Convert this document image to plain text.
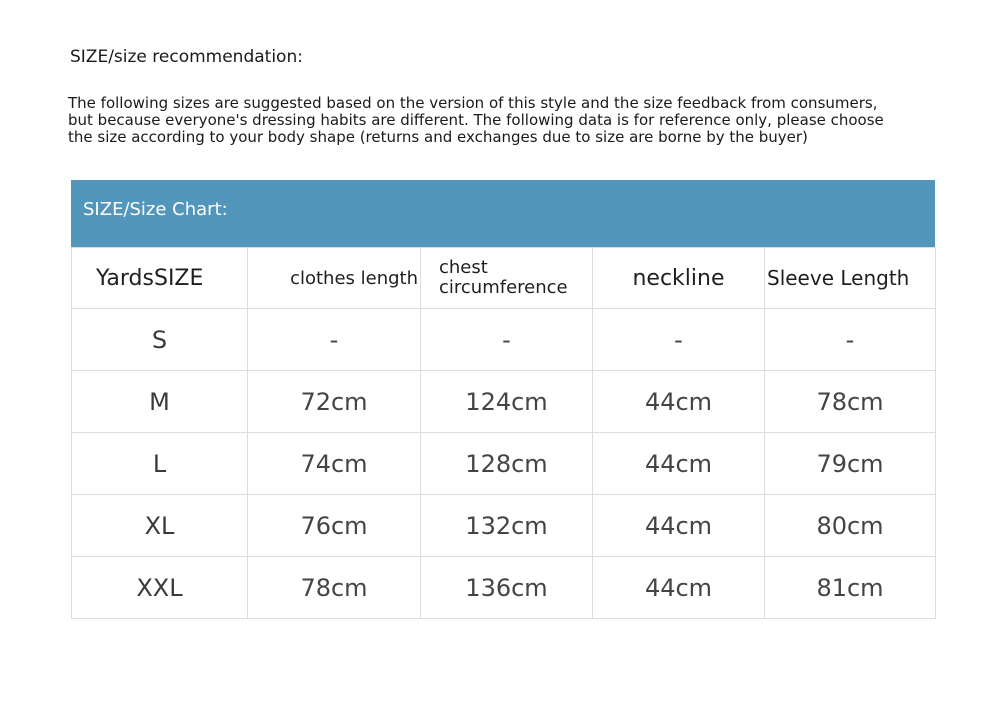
SIZE/size recommendation:
The following sizes are suggested based on the version of this style and the size feedback from consumers,
but because everyone's dressing habits are different. The following data is for reference only, please choose
the size according to your body shape (returns and exchanges due to size are borne by the buyer)
SIZE/Size Chart:
YardsSIZE	clothes length	chest
circumference	neckline	Sleeve Length

S	-	-	-	-
M	72cm	124cm	44cm	78cm
L	74cm	128cm	44cm	79cm
XL	76cm	132cm	44cm	80cm
XXL	78cm	136cm	44cm	81cm
